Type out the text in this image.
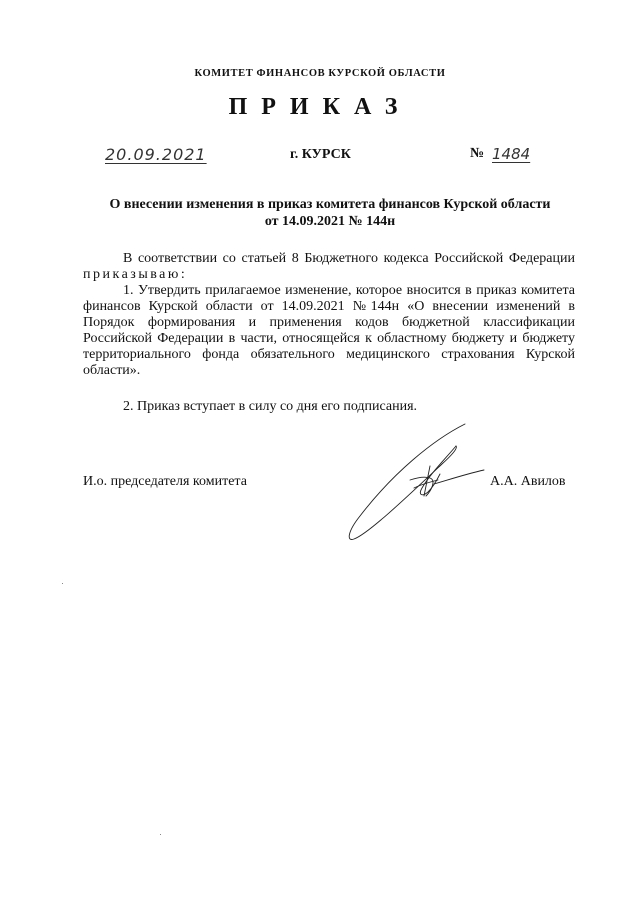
КОМИТЕТ ФИНАНСОВ КУРСКОЙ ОБЛАСТИ
ПРИКАЗ
20.09.2021	г. КУРСК	№ 1484
О внесении изменения в приказ комитета финансов Курской области
от 14.09.2021 № 144н

В соответствии со статьей 8 Бюджетного кодекса Российской Федерации приказываю:

1. Утвердить прилагаемое изменение, которое вносится в приказ комитета финансов Курской области от 14.09.2021 №144н «О внесении изменений в Порядок формирования и применения кодов бюджетной классификации Российской Федерации в части, относящейся к областному бюджету и бюджету территориального фонда обязательного медицинского страхования Курской области».

2. Приказ вступает в силу со дня его подписания.

И.о. председателя комитета	А.А. Авилов
